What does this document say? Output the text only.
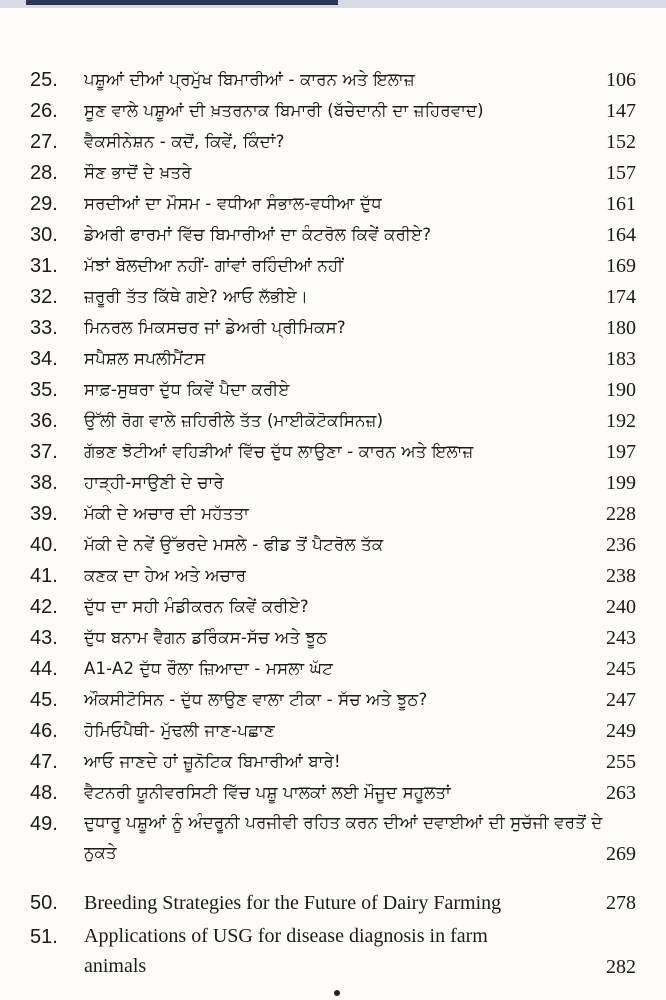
25.	ਪਸ਼ੂਆਂ ਦੀਆਂ ਪ੍ਰਮੁੱਖ ਬਿਮਾਰੀਆਂ - ਕਾਰਨ ਅਤੇ ਇਲਾਜ਼	106
26.	ਸੂਣ ਵਾਲੇ ਪਸ਼ੂਆਂ ਦੀ ਖ਼ਤਰਨਾਕ ਬਿਮਾਰੀ (ਬੱਚੇਦਾਨੀ ਦਾ ਜ਼ਹਿਰਵਾਦ)	147
27.	ਵੈਕਸੀਨੇਸ਼ਨ - ਕਦੋਂ, ਕਿਵੇਂ, ਕਿੰਦਾਂ?	152
28.	ਸੌਣ ਭਾਦੋਂ ਦੇ ਖ਼ਤਰੇ	157
29.	ਸਰਦੀਆਂ ਦਾ ਮੌਸਮ - ਵਧੀਆ ਸੰਭਾਲ-ਵਧੀਆ ਦੁੱਧ	161
30.	ਡੇਅਰੀ ਫਾਰਮਾਂ ਵਿੱਚ ਬਿਮਾਰੀਆਂ ਦਾ ਕੰਟਰੋਲ ਕਿਵੇਂ ਕਰੀਏ?	164
31.	ਮੱਝਾਂ ਬੋਲਦੀਆ ਨਹੀਂ- ਗਾਂਵਾਂ ਰਹਿੰਦੀਆਂ ਨਹੀਂ	169
32.	ਜ਼ਰੂਰੀ ਤੱਤ ਕਿੱਥੇ ਗਏ? ਆਓ ਲੱਭੀਏ।	174
33.	ਮਿਨਰਲ ਮਿਕਸਚਰ ਜਾਂ ਡੇਅਰੀ ਪ੍ਰੀਮਿਕਸ?	180
34.	ਸਪੈਸ਼ਲ ਸਪਲੀਮੈਂਟਸ	183
35.	ਸਾਫ਼-ਸੁਥਰਾ ਦੁੱਧ ਕਿਵੇਂ ਪੈਦਾ ਕਰੀਏ	190
36.	ਉੱਲੀ ਰੋਗ ਵਾਲੇ ਜ਼ਹਿਰੀਲੇ ਤੱਤ (ਮਾਈਕੋਟੋਕਸਿਨਜ਼)	192
37.	ਗੱਭਣ ਝੋਟੀਆਂ ਵਹਿੜੀਆਂ ਵਿੱਚ ਦੁੱਧ ਲਾਉਣਾ - ਕਾਰਨ ਅਤੇ ਇਲਾਜ਼	197
38.	ਹਾੜ੍ਹੀ-ਸਾਉਣੀ ਦੇ ਚਾਰੇ	199
39.	ਮੱਕੀ ਦੇ ਅਚਾਰ ਦੀ ਮਹੱਤਤਾ	228
40.	ਮੱਕੀ ਦੇ ਨਵੇਂ ਉੱਭਰਦੇ ਮਸਲੇ - ਫੀਡ ਤੋਂ ਪੈਟਰੋਲ ਤੱਕ	236
41.	ਕਣਕ ਦਾ ਹੇਅ ਅਤੇ ਅਚਾਰ	238
42.	ਦੁੱਧ ਦਾ ਸਹੀ ਮੰਡੀਕਰਨ ਕਿਵੇਂ ਕਰੀਏ?	240
43.	ਦੁੱਧ ਬਨਾਮ ਵੈਗਨ ਡਰਿੰਕਸ-ਸੱਚ ਅਤੇ ਝੂਠ	243
44.	A1-A2 ਦੁੱਧ ਰੌਲਾ ਜ਼ਿਆਦਾ - ਮਸਲਾ ਘੱਟ	245
45.	ਔਕਸੀਟੋਸਿਨ - ਦੁੱਧ ਲਾਉਣ ਵਾਲਾ ਟੀਕਾ - ਸੱਚ ਅਤੇ ਝੂਠ?	247
46.	ਹੋਮਿਓਪੈਥੀ- ਮੁੱਢਲੀ ਜਾਣ-ਪਛਾਣ	249
47.	ਆਓ ਜਾਣਦੇ ਹਾਂ ਜ਼ੂਨੋਟਿਕ ਬਿਮਾਰੀਆਂ ਬਾਰੇ!	255
48.	ਵੈਟਨਰੀ ਯੂਨੀਵਰਸਿਟੀ ਵਿੱਚ ਪਸ਼ੂ ਪਾਲਕਾਂ ਲਈ ਮੌਜੂਦ ਸਹੂਲਤਾਂ	263
49.	ਦੁਧਾਰੂ ਪਸ਼ੂਆਂ ਨੂੰ ਅੰਦਰੂਨੀ ਪਰਜੀਵੀ ਰਹਿਤ ਕਰਨ ਦੀਆਂ ਦਵਾਈਆਂ ਦੀ ਸੁਚੱਜੀ ਵਰਤੋਂ ਦੇ ਨੁਕਤੇ	269
50.	Breeding Strategies for the Future of Dairy Farming	278
51.	Applications of USG for disease diagnosis in farm animals	282
